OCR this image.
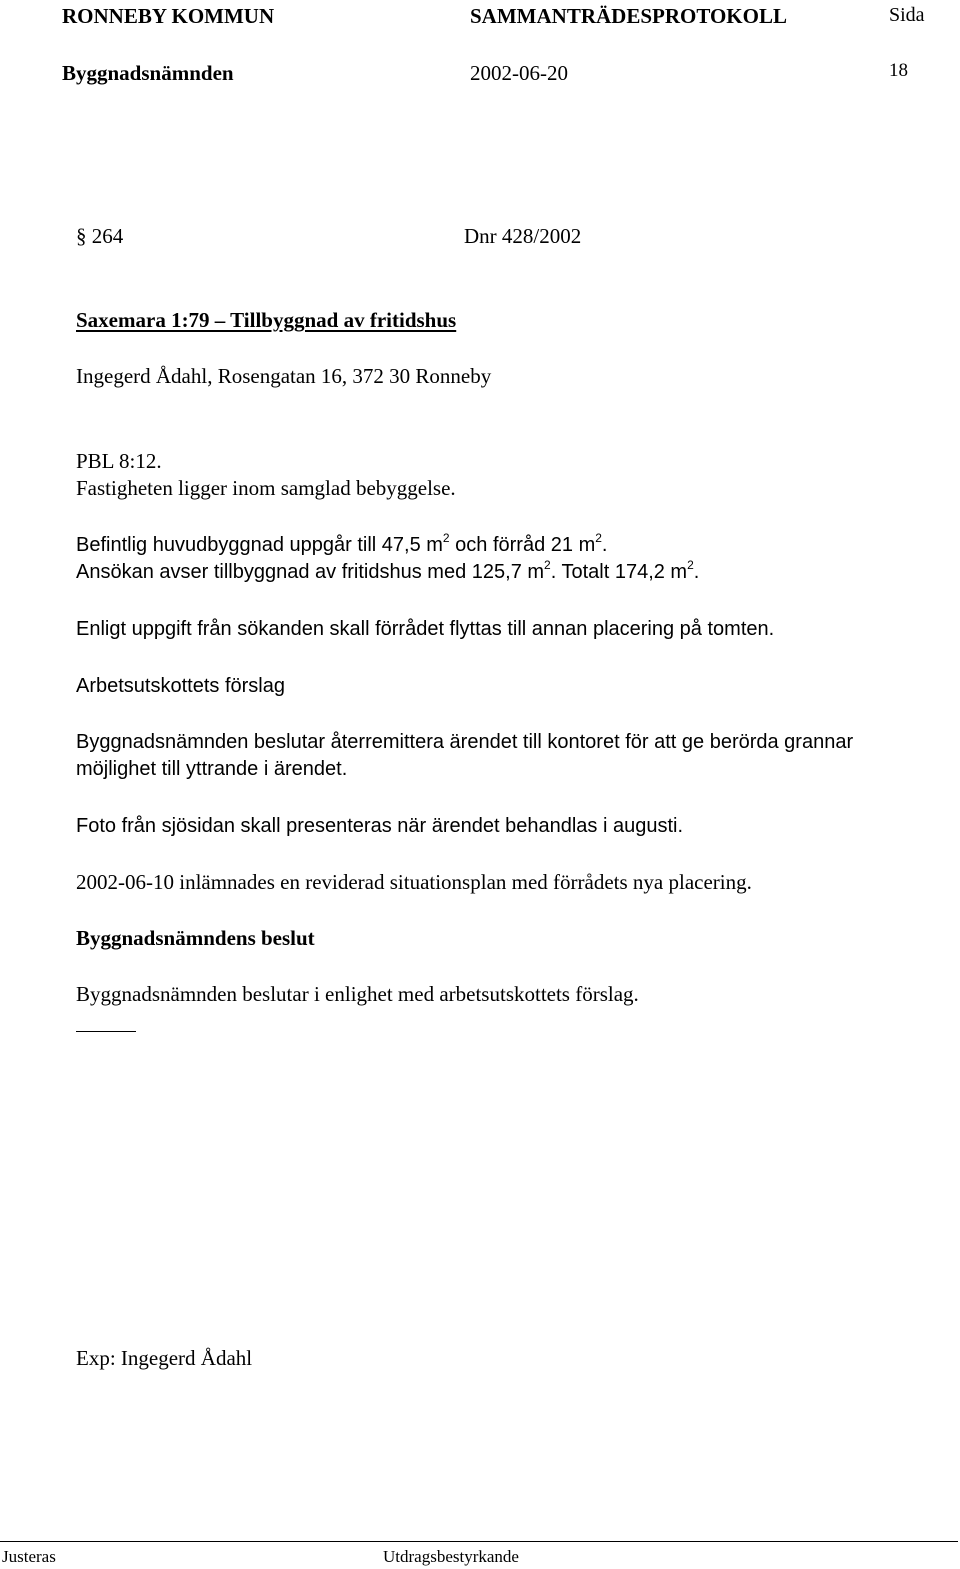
RONNEBY KOMMUN	SAMMANTRÄDESPROTOKOLL	Sida
Byggnadsnämnden	2002-06-20	18
§ 264	Dnr 428/2002
Saxemara 1:79 – Tillbyggnad av fritidshus
Ingegerd Ådahl, Rosengatan 16, 372 30 Ronneby
PBL 8:12.
Fastigheten ligger inom samglad bebyggelse.
Befintlig huvudbyggnad uppgår till 47,5 $m^2$ och förråd 21 $m^2$.
Ansökan avser tillbyggnad av fritidshus med 125,7 $m^2$. Totalt 174,2 $m^2$.
Enligt uppgift från sökanden skall förrådet flyttas till annan placering på tomten.
Arbetsutskottets förslag
Byggnadsnämnden beslutar återremittera ärendet till kontoret för att ge berörda grannar
möjlighet till yttrande i ärendet.
Foto från sjösidan skall presenteras när ärendet behandlas i augusti.
2002-06-10 inlämnades en reviderad situationsplan med förrådets nya placering.
Byggnadsnämndens beslut
Byggnadsnämnden beslutar i enlighet med arbetsutskottets förslag.
Exp: Ingegerd Ådahl
Justeras	Utdragsbestyrkande
